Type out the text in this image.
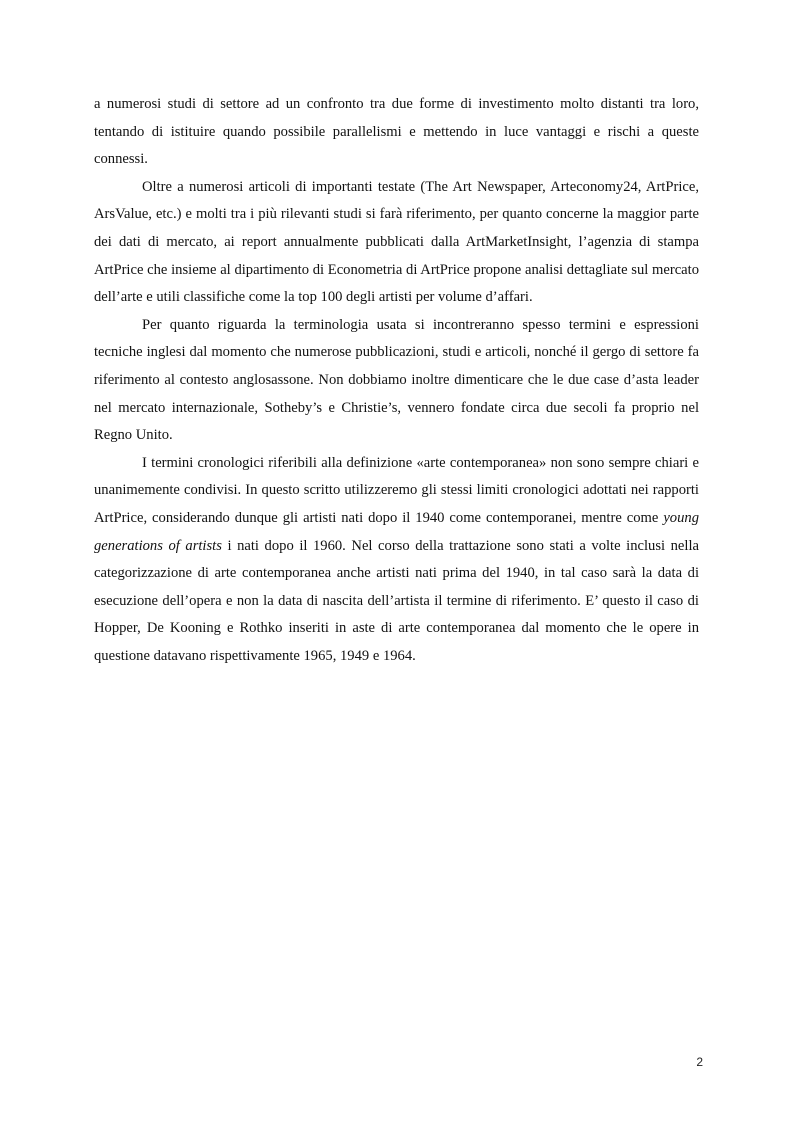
a numerosi studi di settore ad un confronto tra due forme di investimento molto distanti tra loro, tentando di istituire quando possibile parallelismi e mettendo in luce vantaggi e rischi a queste connessi.

Oltre a numerosi articoli di importanti testate (The Art Newspaper, Arteconomy24, ArtPrice, ArsValue, etc.) e molti tra i più rilevanti studi si farà riferimento, per quanto concerne la maggior parte dei dati di mercato, ai report annualmente pubblicati dalla ArtMarketInsight, l’agenzia di stampa ArtPrice che insieme al dipartimento di Econometria di ArtPrice propone analisi dettagliate sul mercato dell’arte e utili classifiche come la top 100 degli artisti per volume d’affari.

Per quanto riguarda la terminologia usata si incontreranno spesso termini e espressioni tecniche inglesi dal momento che numerose pubblicazioni, studi e articoli, nonché il gergo di settore fa riferimento al contesto anglosassone. Non dobbiamo inoltre dimenticare che le due case d’asta leader nel mercato internazionale, Sotheby’s e Christie’s, vennero fondate circa due secoli fa proprio nel Regno Unito.

I termini cronologici riferibili alla definizione «arte contemporanea» non sono sempre chiari e unanimemente condivisi. In questo scritto utilizzeremo gli stessi limiti cronologici adottati nei rapporti ArtPrice, considerando dunque gli artisti nati dopo il 1940 come contemporanei, mentre come young generations of artists i nati dopo il 1960. Nel corso della trattazione sono stati a volte inclusi nella categorizzazione di arte contemporanea anche artisti nati prima del 1940, in tal caso sarà la data di esecuzione dell’opera e non la data di nascita dell’artista il termine di riferimento. E’ questo il caso di Hopper, De Kooning e Rothko inseriti in aste di arte contemporanea dal momento che le opere in questione datavano rispettivamente 1965, 1949 e 1964.

2
